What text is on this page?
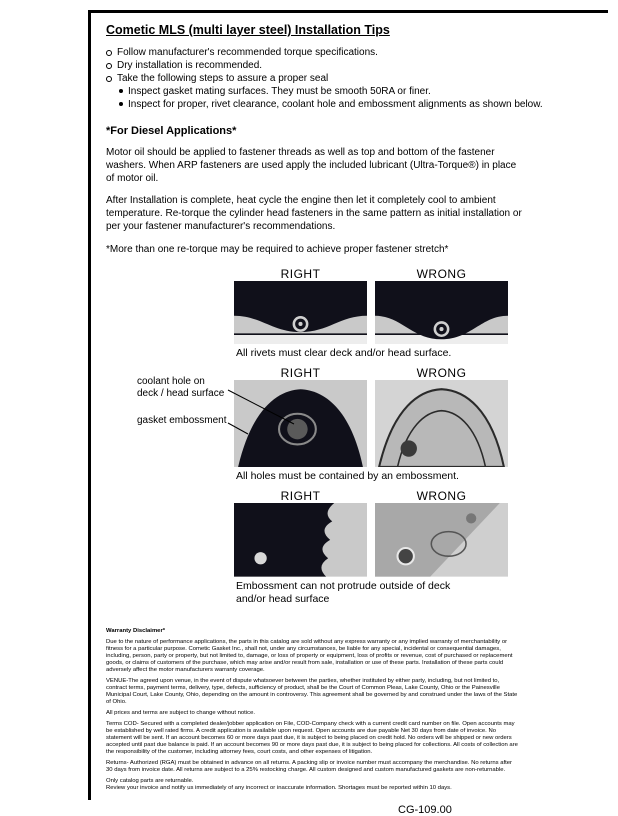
Cometic MLS (multi layer steel) Installation Tips
Follow manufacturer's recommended torque specifications.
Dry installation is recommended.
Take the following steps to assure a proper seal
Inspect gasket mating surfaces. They must be smooth 50RA or finer.
Inspect for proper, rivet clearance, coolant hole and embossment alignments as shown below.
*For Diesel Applications*
Motor oil should be applied to fastener threads as well as top and bottom of the fastener washers. When ARP fasteners are used apply the included lubricant (Ultra-Torque®) in place of motor oil.
After Installation is complete, heat cycle the engine then let it completely cool to ambient temperature. Re-torque the cylinder head fasteners in the same pattern as initial installation or per your fastener manufacturer's recommendations.
*More than one re-torque may be required to achieve proper fastener stretch*
RIGHT	WRONG
All rivets must clear deck and/or head surface.
coolant hole on
deck / head surface
gasket embossment
RIGHT	WRONG
All holes must be contained by an embossment.
RIGHT	WRONG
Embossment can not protrude outside of deck and/or head surface
Warranty Disclaimer*
Due to the nature of performance applications, the parts in this catalog are sold without any express warranty or any implied warranty of merchantability or fitness for a particular purpose. Cometic Gasket Inc., shall not, under any circumstances, be liable for any special, incidental or consequential damages, including, person, party or property, but not limited to, damage, or loss of property or equipment, loss of profits or revenue, cost of purchased or replacement goods, or claims of customers of the purchase, which may arise and/or result from sale, installation or use of these parts. Installation of these parts could adversely affect the motor manufacturers warranty coverage.
VENUE-The agreed upon venue, in the event of dispute whatsoever between the parties, whether instituted by either party, including, but not limited to, contract terms, payment terms, delivery, type, defects, sufficiency of product, shall be the Court of Common Pleas, Lake County, Ohio or the Painesville Municipal Court, Lake County, Ohio, depending on the amount in controversy. This agreement shall be governed by and construed under the laws of the State of Ohio.
All prices and terms are subject to change without notice.
Terms COD- Secured with a completed dealer/jobber application on File, COD-Company check with a current credit card number on file. Open accounts may be established by well rated firms. A credit application is available upon request. Open accounts are due payable Net 30 days from date of invoice. No statement will be sent. If an account becomes 60 or more days past due, it is subject to being placed on credit hold. No orders will be shipped or new orders accepted until past due balance is paid. If an account becomes 90 or more days past due, it is subject to being placed for collections. All costs of collection are the responsibility of the customer, including attorney fees, court costs, and other expenses of litigation.
Returns- Authorized (RGA) must be obtained in advance on all returns. A packing slip or invoice number must accompany the merchandise. No returns after 30 days from invoice date. All returns are subject to a 25% restocking charge. All custom designed and custom manufactured gaskets are non-returnable.
Only catalog parts are returnable.
Review your invoice and notify us immediately of any incorrect or inaccurate information. Shortages must be reported within 10 days.
CG-109.00
